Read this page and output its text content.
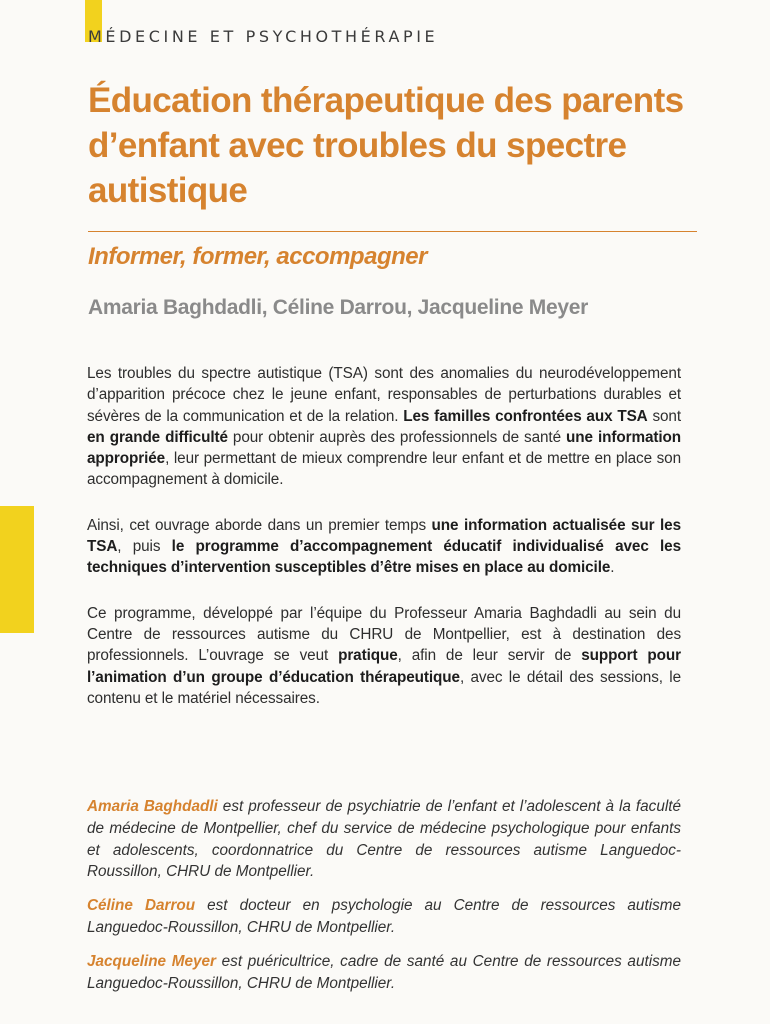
MÉDECINE ET PSYCHOTHÉRAPIE
Éducation thérapeutique des parents d’enfant avec troubles du spectre autistique
Informer, former, accompagner
Amaria Baghdadli, Céline Darrou, Jacqueline Meyer

Les troubles du spectre autistique (TSA) sont des anomalies du neurodéveloppement d’apparition précoce chez le jeune enfant, responsables de perturbations durables et sévères de la communication et de la relation. Les familles confrontées aux TSA sont en grande difficulté pour obtenir auprès des professionnels de santé une information appropriée, leur permettant de mieux comprendre leur enfant et de mettre en place son accompagnement à domicile.

Ainsi, cet ouvrage aborde dans un premier temps une information actualisée sur les TSA, puis le programme d’accompagnement éducatif individualisé avec les techniques d’intervention susceptibles d’être mises en place au domicile.

Ce programme, développé par l’équipe du Professeur Amaria Baghdadli au sein du Centre de ressources autisme du CHRU de Montpellier, est à destination des professionnels. L’ouvrage se veut pratique, afin de leur servir de support pour l’animation d’un groupe d’éducation thérapeutique, avec le détail des sessions, le contenu et le matériel nécessaires.

Amaria Baghdadli est professeur de psychiatrie de l’enfant et l’adolescent à la faculté de médecine de Montpellier, chef du service de médecine psychologique pour enfants et adolescents, coordonnatrice du Centre de ressources autisme Languedoc-Roussillon, CHRU de Montpellier.

Céline Darrou est docteur en psychologie au Centre de ressources autisme Languedoc-Roussillon, CHRU de Montpellier.

Jacqueline Meyer est puéricultrice, cadre de santé au Centre de ressources autisme Languedoc-Roussillon, CHRU de Montpellier.
